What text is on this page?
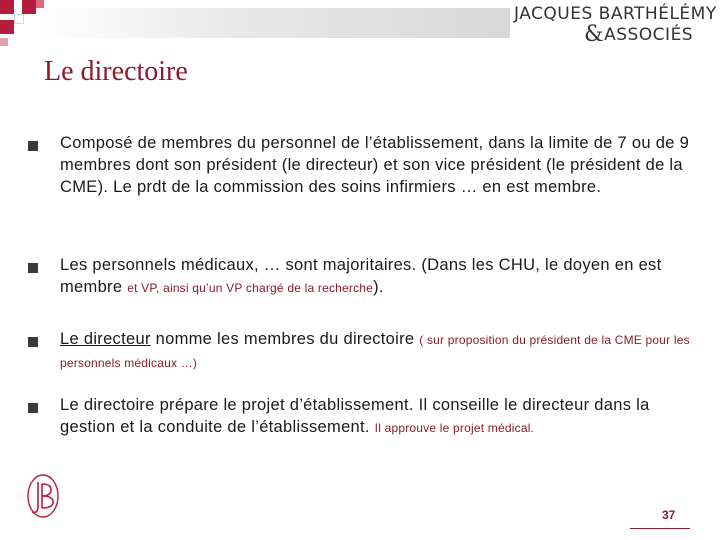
JACQUES BARTHÉLÉMY
&ASSOCIÉS
Le directoire
Composé de membres du personnel de l’établissement, dans la limite de 7 ou de 9 membres dont son président (le directeur) et son vice président (le président de la CME). Le prdt de la commission des soins infirmiers … en est membre.
Les personnels médicaux, … sont majoritaires. (Dans les CHU, le doyen en est membre et VP, ainsi qu’un VP chargé de la recherche).
Le directeur nomme les membres du directoire ( sur proposition du président de la CME pour les personnels médicaux …)
Le directoire prépare le projet d’établissement. Il conseille le directeur dans la gestion et la conduite de l’établissement. Il approuve le projet médical.
37
